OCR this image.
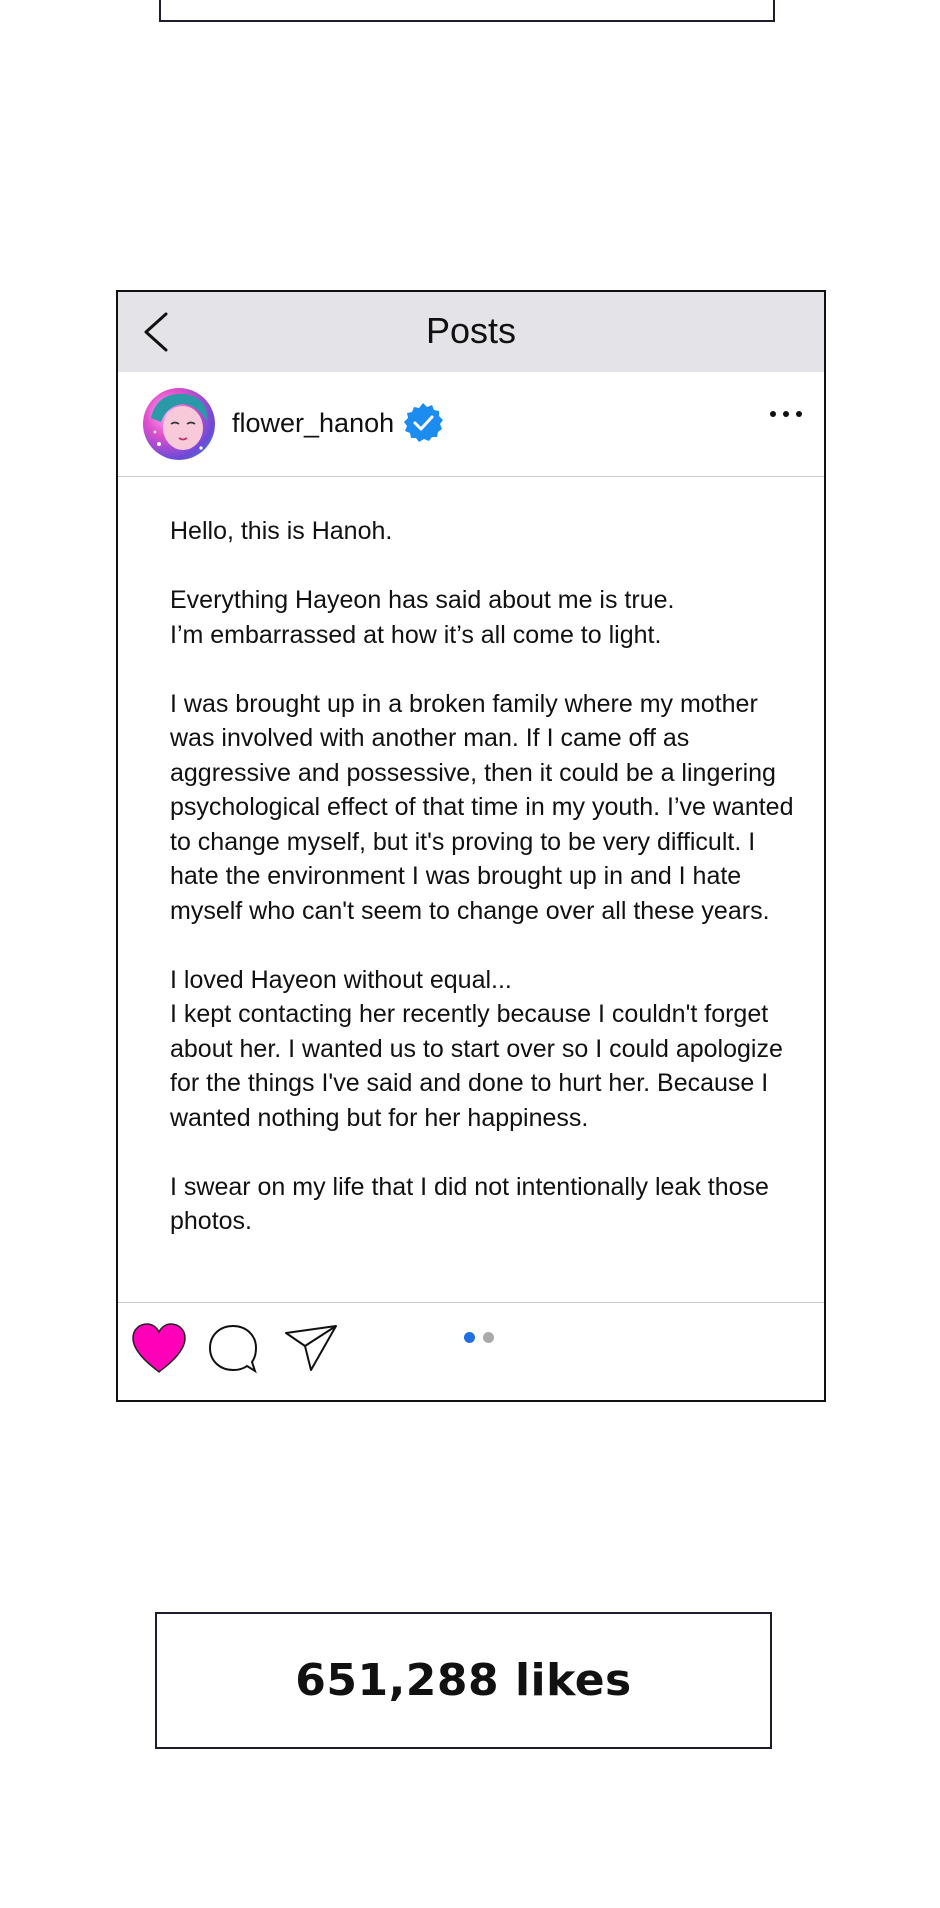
Posts
flower_hanoh

Hello, this is Hanoh.

Everything Hayeon has said about me is true.
I’m embarrassed at how it’s all come to light.

I was brought up in a broken family where my mother was involved with another man. If I came off as aggressive and possessive, then it could be a lingering psychological effect of that time in my youth. I’ve wanted to change myself, but it's proving to be very difficult. I hate the environment I was brought up in and I hate myself who can't seem to change over all these years.

I loved Hayeon without equal...
I kept contacting her recently because I couldn't forget about her. I wanted us to start over so I could apologize for the things I've said and done to hurt her. Because I wanted nothing but for her happiness.

I swear on my life that I did not intentionally leak those photos.

651,288 likes
